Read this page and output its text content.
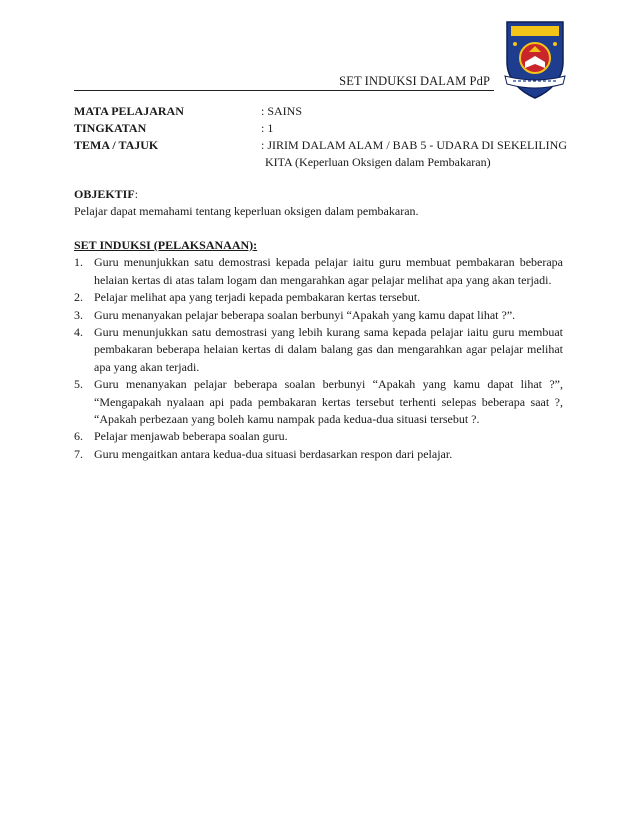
SET INDUKSI DALAM PdP
MATA PELAJARAN	: SAINS
TINGKATAN	: 1
TEMA / TAJUK	: JIRIM DALAM ALAM / BAB 5 - UDARA DI SEKELILING
KITA (Keperluan Oksigen dalam Pembakaran)
OBJEKTIF:
Pelajar dapat memahami tentang keperluan oksigen dalam pembakaran.
SET INDUKSI (PELAKSANAAN):
1. Guru menunjukkan satu demostrasi kepada pelajar iaitu guru membuat pembakaran beberapa helaian kertas di atas talam logam dan mengarahkan agar pelajar melihat apa yang akan terjadi.
2. Pelajar melihat apa yang terjadi kepada pembakaran kertas tersebut.
3. Guru menanyakan pelajar beberapa soalan berbunyi “Apakah yang kamu dapat lihat ?”.
4. Guru menunjukkan satu demostrasi yang lebih kurang sama kepada pelajar iaitu guru membuat pembakaran beberapa helaian kertas di dalam balang gas dan mengarahkan agar pelajar melihat apa yang akan terjadi.
5. Guru menanyakan pelajar beberapa soalan berbunyi “Apakah yang kamu dapat lihat ?”, “Mengapakah nyalaan api pada pembakaran kertas tersebut terhenti selepas beberapa saat ?, “Apakah perbezaan yang boleh kamu nampak pada kedua-dua situasi tersebut ?.
6. Pelajar menjawab beberapa soalan guru.
7. Guru mengaitkan antara kedua-dua situasi berdasarkan respon dari pelajar.
